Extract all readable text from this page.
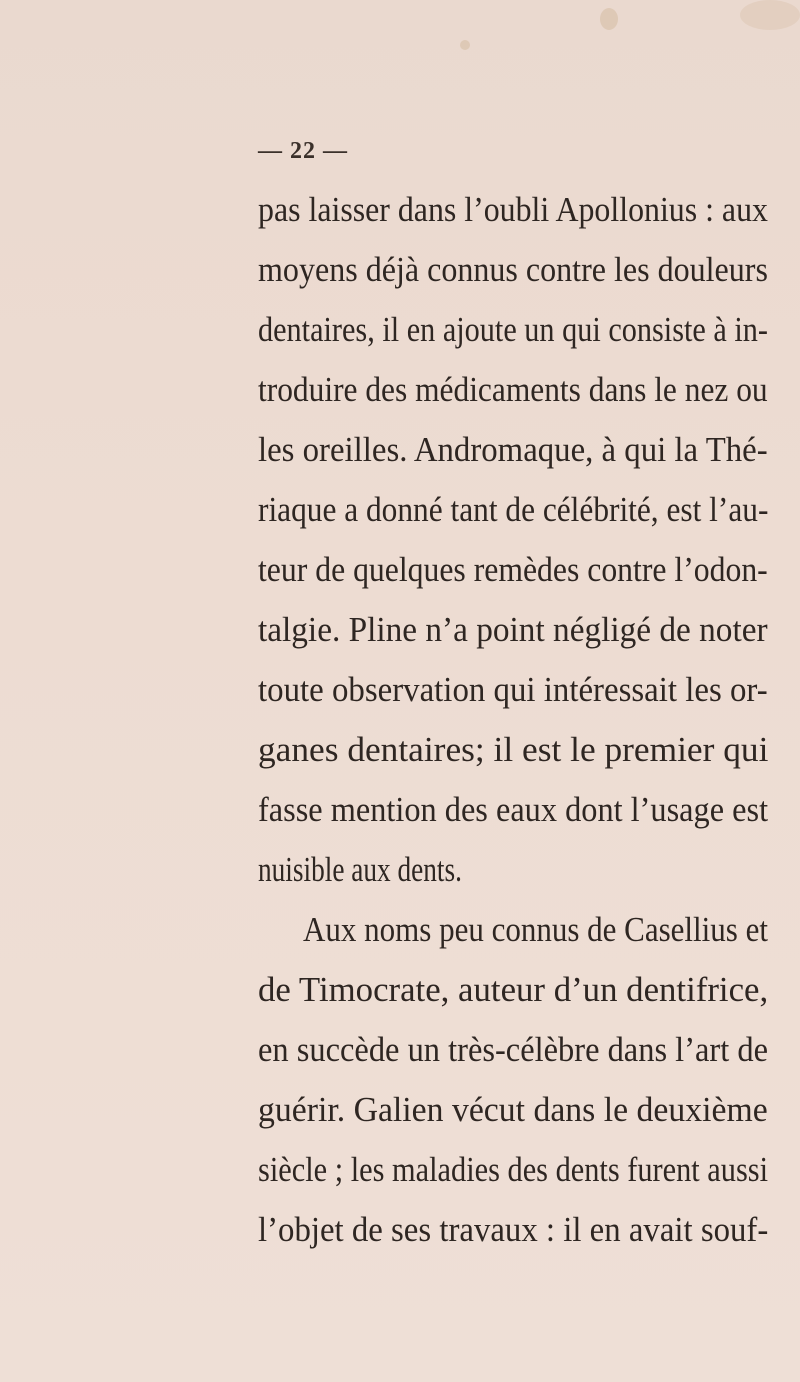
— 22 —
pas laisser dans l’oubli Apollonius : aux
moyens déjà connus contre les douleurs
dentaires, il en ajoute un qui consiste à in-
troduire des médicaments dans le nez ou
les oreilles. Andromaque, à qui la Thé-
riaque a donné tant de célébrité, est l’au-
teur de quelques remèdes contre l’odon-
talgie. Pline n’a point négligé de noter
toute observation qui intéressait les or-
ganes dentaires; il est le premier qui
fasse mention des eaux dont l’usage est
nuisible aux dents.
Aux noms peu connus de Casellius et
de Timocrate, auteur d’un dentifrice,
en succède un très-célèbre dans l’art de
guérir. Galien vécut dans le deuxième
siècle ; les maladies des dents furent aussi
l’objet de ses travaux : il en avait souf-
